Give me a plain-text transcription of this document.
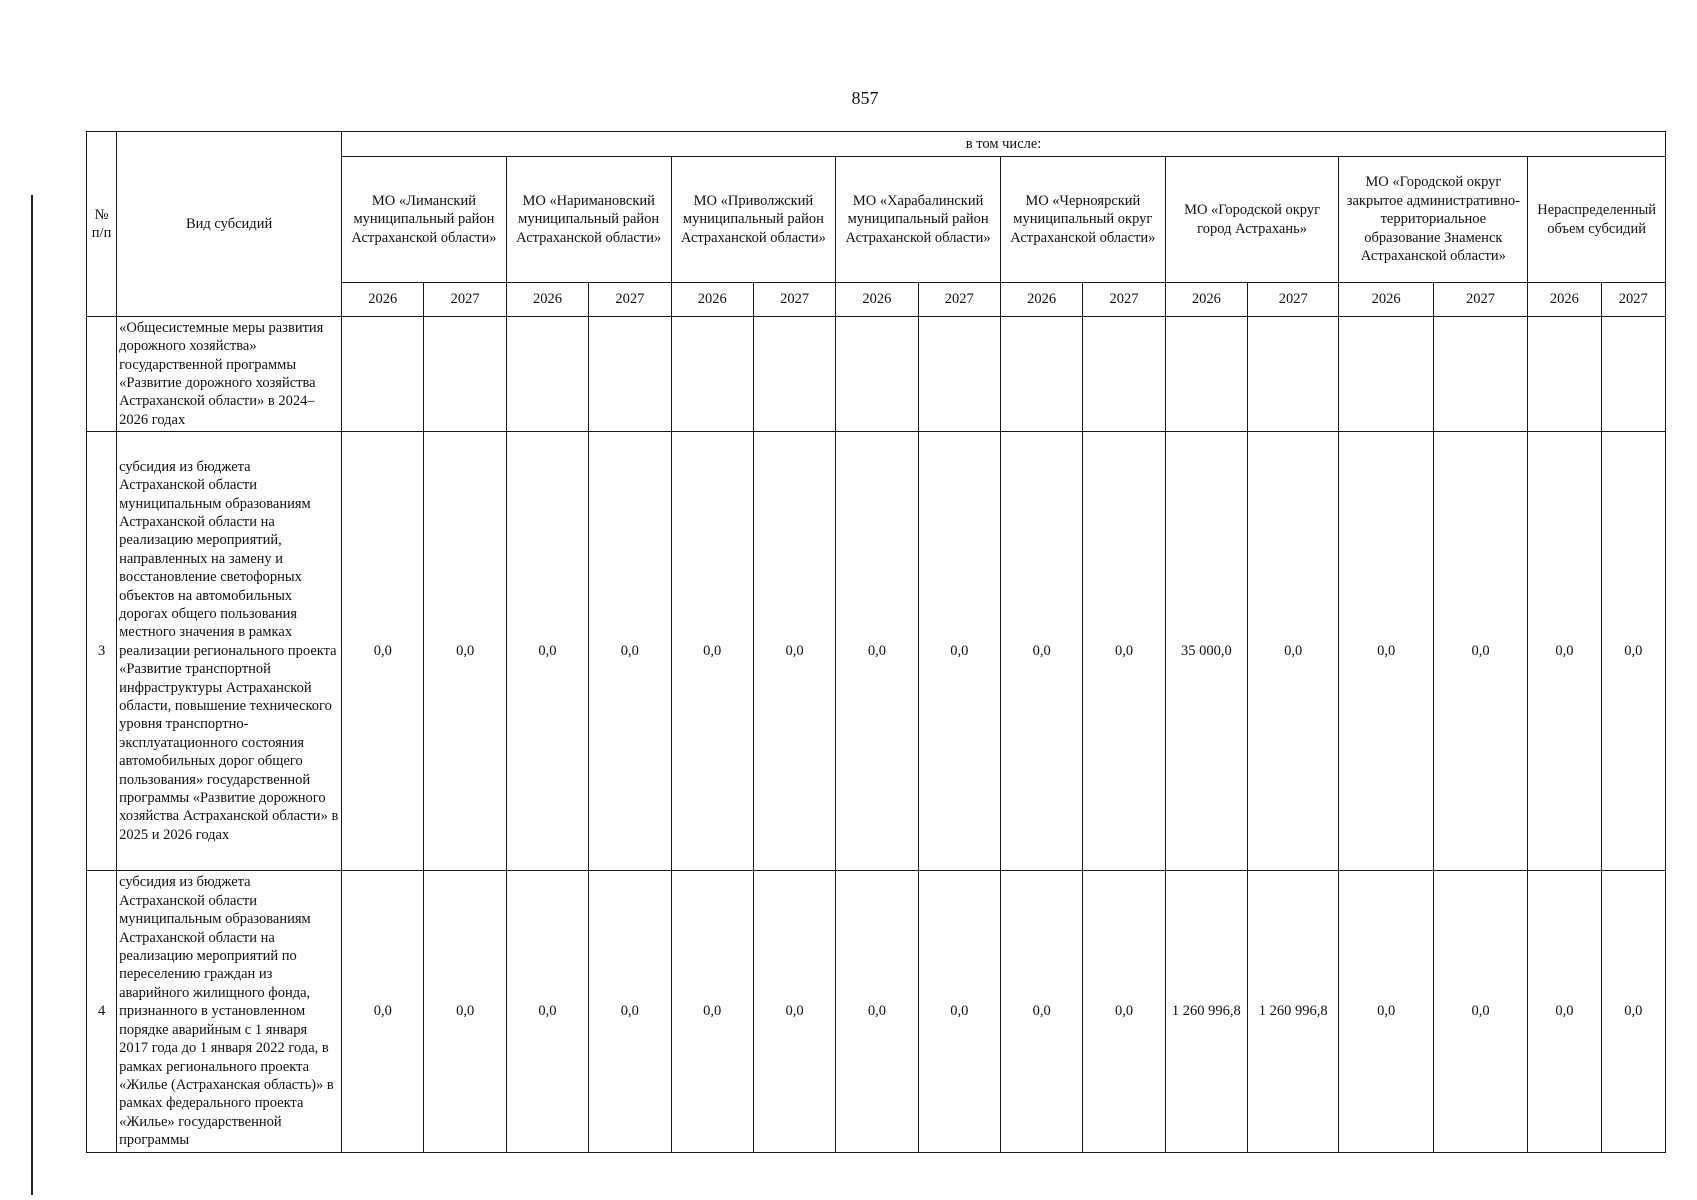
857
№ п/п	Вид субсидий	в том числе:															
		МО «Лиманский муниципальный район Астраханской области»		МО «Наримановский муниципальный район Астраханской области»		МО «Приволжский муниципальный район Астраханской области»		МО «Харабалинский муниципальный район Астраханской области»		МО «Черноярский муниципальный округ Астраханской области»		МО «Городской округ город Астрахань»		МО «Городской округ закрытое административно-территориальное образование Знаменск Астраханской области»		Нераспределенный объем субсидий	
		2026	2027	2026	2027	2026	2027	2026	2027	2026	2027	2026	2027	2026	2027	2026	2027
	«Общесистемные меры развития дорожного хозяйства» государственной программы «Развитие дорожного хозяйства Астраханской области» в 2024–2026 годах																
3	субсидия из бюджета Астраханской области муниципальным образованиям Астраханской области на реализацию мероприятий, направленных на замену и восстановление светофорных объектов на автомобильных дорогах общего пользования местного значения в рамках реализации регионального проекта «Развитие транспортной инфраструктуры Астраханской области, повышение технического уровня транспортно-эксплуатационного состояния автомобильных дорог общего пользования» государственной программы «Развитие дорожного хозяйства Астраханской области» в 2025 и 2026 годах	0,0	0,0	0,0	0,0	0,0	0,0	0,0	0,0	0,0	0,0	35 000,0	0,0	0,0	0,0	0,0	0,0
4	субсидия из бюджета Астраханской области муниципальным образованиям Астраханской области на реализацию мероприятий по переселению граждан из аварийного жилищного фонда, признанного в установленном порядке аварийным с 1 января 2017 года до 1 января 2022 года, в рамках регионального проекта «Жилье (Астраханская область)» в рамках федерального проекта «Жилье» государственной программы	0,0	0,0	0,0	0,0	0,0	0,0	0,0	0,0	0,0	0,0	1 260 996,8	1 260 996,8	0,0	0,0	0,0	0,0
